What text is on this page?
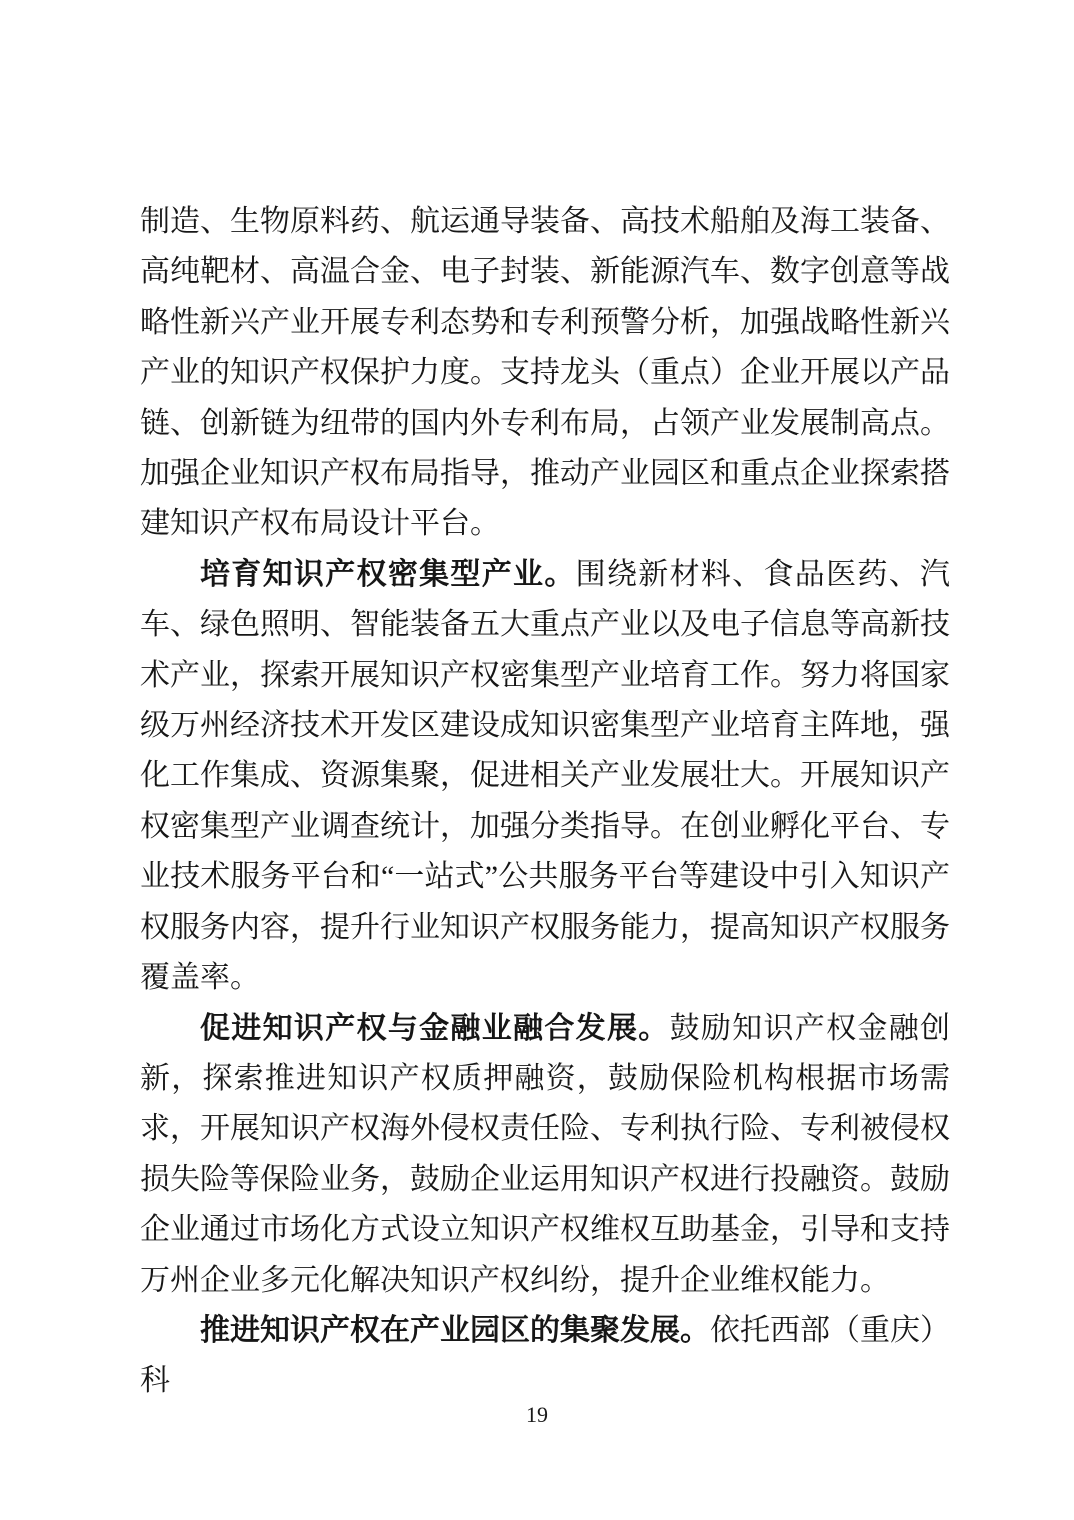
制造、生物原料药、航运通导装备、高技术船舶及海工装备、高纯靶材、高温合金、电子封装、新能源汽车、数字创意等战略性新兴产业开展专利态势和专利预警分析，加强战略性新兴产业的知识产权保护力度。支持龙头（重点）企业开展以产品链、创新链为纽带的国内外专利布局，占领产业发展制高点。加强企业知识产权布局指导，推动产业园区和重点企业探索搭建知识产权布局设计平台。

培育知识产权密集型产业。围绕新材料、食品医药、汽车、绿色照明、智能装备五大重点产业以及电子信息等高新技术产业，探索开展知识产权密集型产业培育工作。努力将国家级万州经济技术开发区建设成知识密集型产业培育主阵地，强化工作集成、资源集聚，促进相关产业发展壮大。开展知识产权密集型产业调查统计，加强分类指导。在创业孵化平台、专业技术服务平台和“一站式”公共服务平台等建设中引入知识产权服务内容，提升行业知识产权服务能力，提高知识产权服务覆盖率。

促进知识产权与金融业融合发展。鼓励知识产权金融创新，探索推进知识产权质押融资，鼓励保险机构根据市场需求，开展知识产权海外侵权责任险、专利执行险、专利被侵权损失险等保险业务，鼓励企业运用知识产权进行投融资。鼓励企业通过市场化方式设立知识产权维权互助基金，引导和支持万州企业多元化解决知识产权纠纷，提升企业维权能力。

推进知识产权在产业园区的集聚发展。依托西部（重庆）科

19
